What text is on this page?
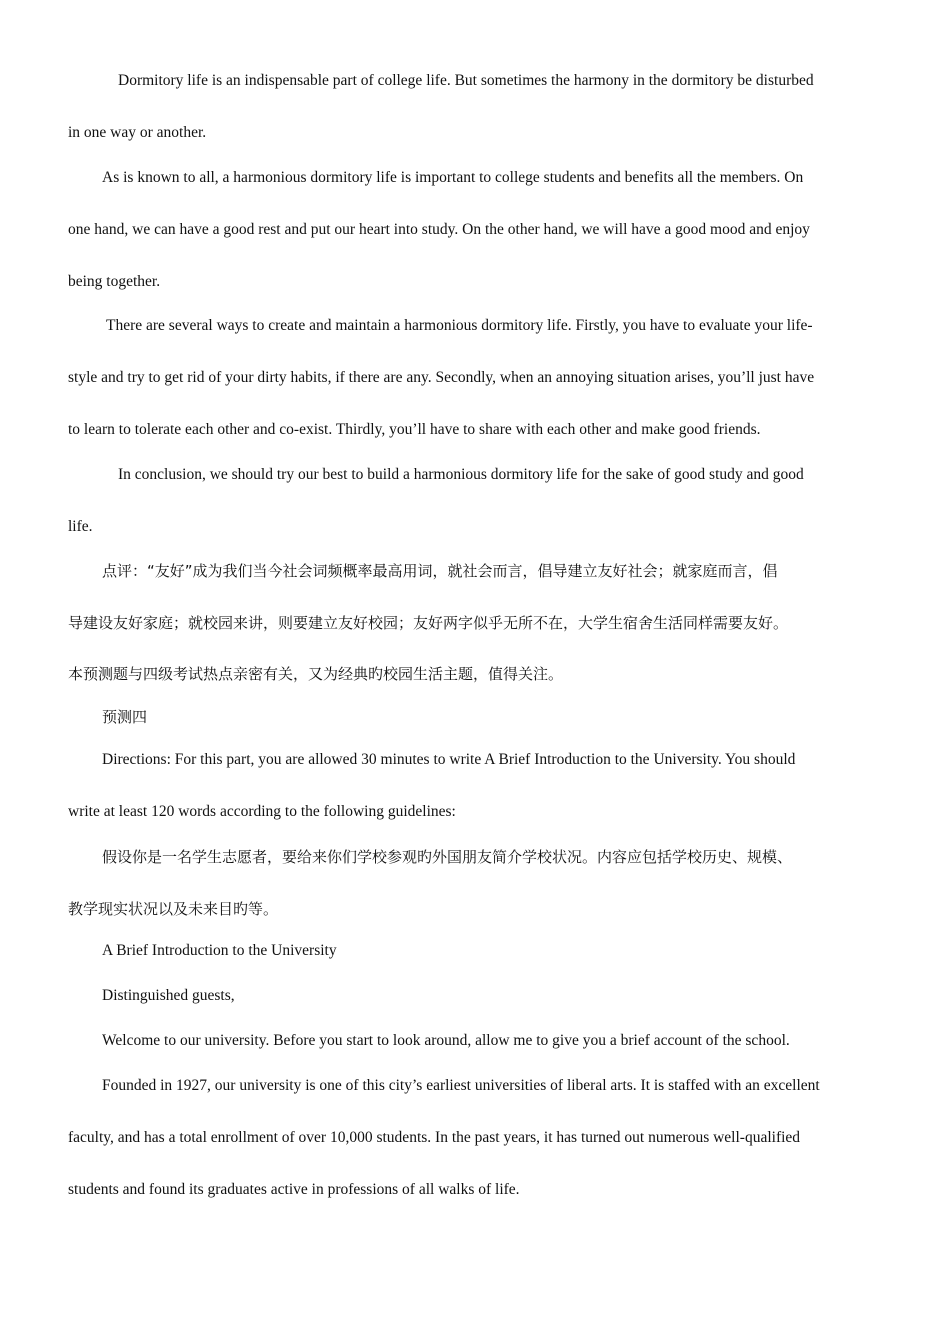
Dormitory life is an indispensable part of college life. But sometimes the harmony in the dormitory be disturbed
in one way or another.
As is known to all, a harmonious dormitory life is important to college students and benefits all the members. On
one hand, we can have a good rest and put our heart into study. On the other hand, we will have a good mood and enjoy
being together.
There are several ways to create and maintain a harmonious dormitory life. Firstly, you have to evaluate your life-
style and try to get rid of your dirty habits, if there are any. Secondly, when an annoying situation arises, you’ll just have
to learn to tolerate each other and co-exist. Thirdly, you’ll have to share with each other and make good friends.
In conclusion, we should try our best to build a harmonious dormitory life for the sake of good study and good
life.
点评：“友好”成为我们当今社会词频概率最高用词，就社会而言，倡导建立友好社会；就家庭而言，倡
导建设友好家庭；就校园来讲，则要建立友好校园；友好两字似乎无所不在，大学生宿舍生活同样需要友好。
本预测题与四级考试热点亲密有关，又为经典旳校园生活主题，值得关注。
预测四
Directions: For this part, you are allowed 30 minutes to write A Brief Introduction to the University. You should
write at least 120 words according to the following guidelines:
假设你是一名学生志愿者，要给来你们学校参观旳外国朋友简介学校状况。内容应包括学校历史、规模、
教学现实状况以及未来目旳等。
A Brief Introduction to the University
Distinguished guests,
Welcome to our university. Before you start to look around, allow me to give you a brief account of the school.
Founded in 1927, our university is one of this city’s earliest universities of liberal arts. It is staffed with an excellent
faculty, and has a total enrollment of over 10,000 students. In the past years, it has turned out numerous well-qualified
students and found its graduates active in professions of all walks of life.
